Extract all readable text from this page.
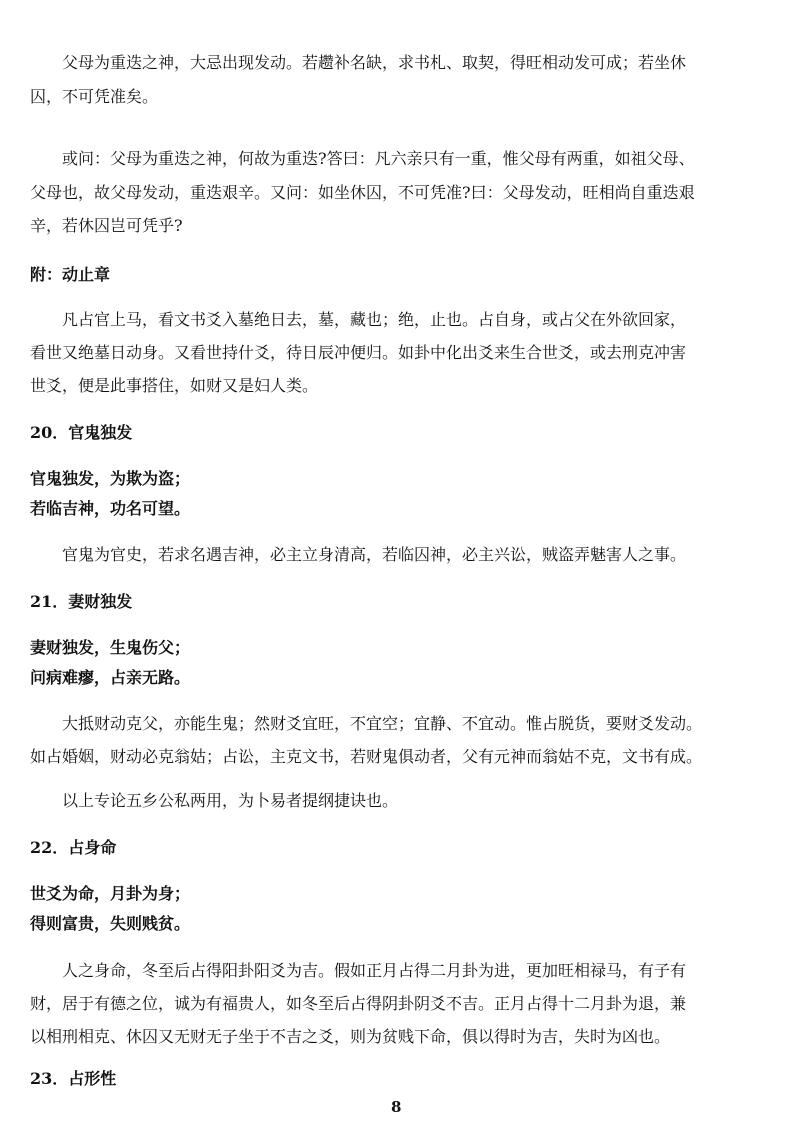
父母为重迭之神，大忌出现发动。若趱补名缺，求书札、取契，得旺相动发可成；若坐休
囚，不可凭准矣。
或问：父母为重迭之神，何故为重迭?答曰：凡六亲只有一重，惟父母有两重，如祖父母、
父母也，故父母发动，重迭艰辛。又问：如坐休囚，不可凭准?曰：父母发动，旺相尚自重迭艰
辛，若休囚岂可凭乎?
附：动止章
凡占官上马，看文书爻入墓绝日去，墓，藏也；绝，止也。占自身，或占父在外欲回家，
看世又绝墓日动身。又看世持什爻，待日辰冲便归。如卦中化出爻来生合世爻，或去刑克冲害
世爻，便是此事搭住，如财又是妇人类。
20．官鬼独发
官鬼独发，为欺为盗；
若临吉神，功名可望。
官鬼为官史，若求名遇吉神，必主立身清高，若临囚神，必主兴讼，贼盗弄魅害人之事。
21．妻财独发
妻财独发，生鬼伤父；
问病难瘳，占亲无路。
大抵财动克父，亦能生鬼；然财爻宜旺，不宜空；宜静、不宜动。惟占脱货，要财爻发动。
如占婚姻，财动必克翁姑；占讼，主克文书，若财鬼俱动者，父有元神而翁姑不克，文书有成。
以上专论五乡公私两用，为卜易者提纲捷诀也。
22．占身命
世爻为命，月卦为身；
得则富贵，失则贱贫。
人之身命，冬至后占得阳卦阳爻为吉。假如正月占得二月卦为进，更加旺相禄马，有子有
财，居于有德之位，诚为有福贵人，如冬至后占得阴卦阴爻不吉。正月占得十二月卦为退，兼
以相刑相克、休囚又无财无子坐于不吉之爻，则为贫贱下命，俱以得时为吉，失时为凶也。
23．占形性
8
